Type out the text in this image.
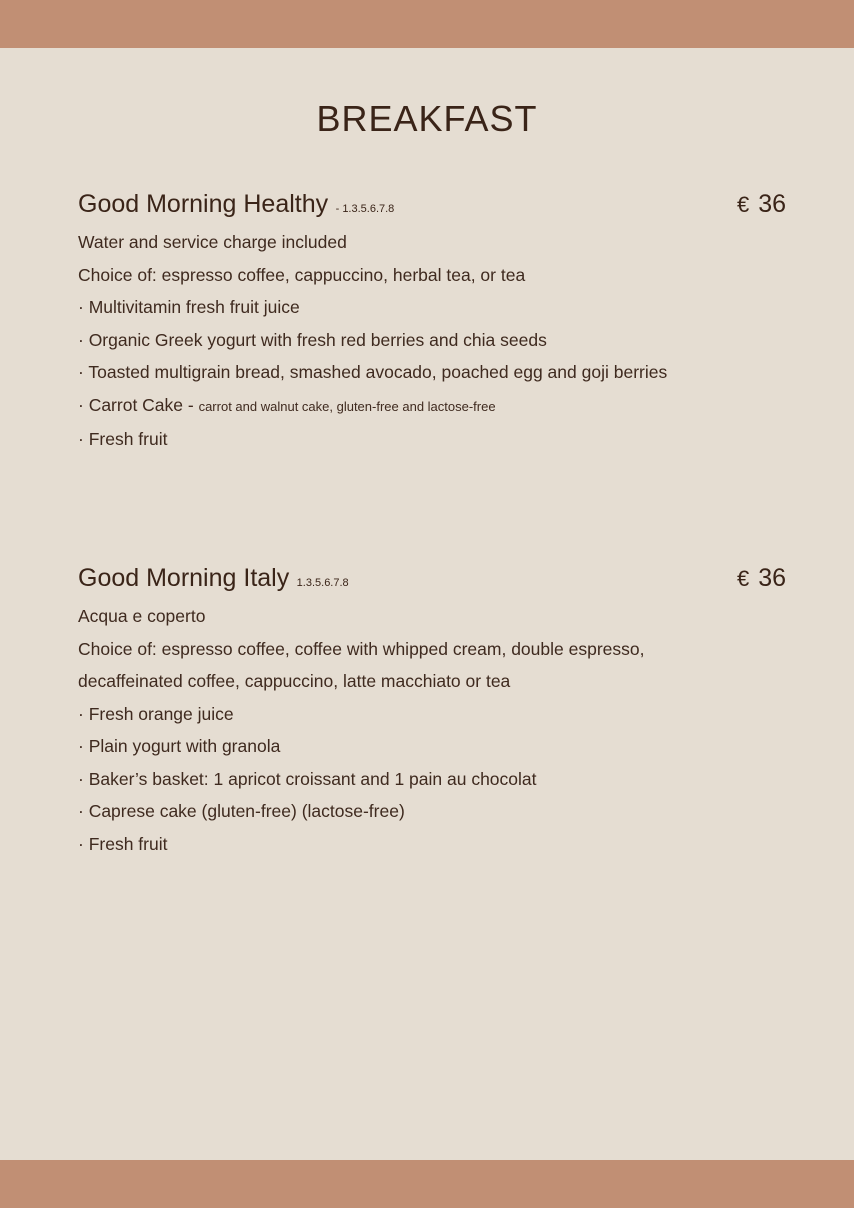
BREAKFAST
Good Morning Healthy - 1.3.5.6.7.8	€ 36
Water and service charge included
Choice of: espresso coffee, cappuccino, herbal tea, or tea
· Multivitamin fresh fruit juice
· Organic Greek yogurt with fresh red berries and chia seeds
· Toasted multigrain bread, smashed avocado, poached egg and goji berries
· Carrot Cake - carrot and walnut cake, gluten-free and lactose-free
· Fresh fruit
Good Morning Italy 1.3.5.6.7.8	€ 36
Acqua e coperto
Choice of: espresso coffee, coffee with whipped cream, double espresso,
decaffeinated coffee, cappuccino, latte macchiato or tea
· Fresh orange juice
· Plain yogurt with granola
· Baker’s basket: 1 apricot croissant and 1 pain au chocolat
· Caprese cake (gluten-free) (lactose-free)
· Fresh fruit
